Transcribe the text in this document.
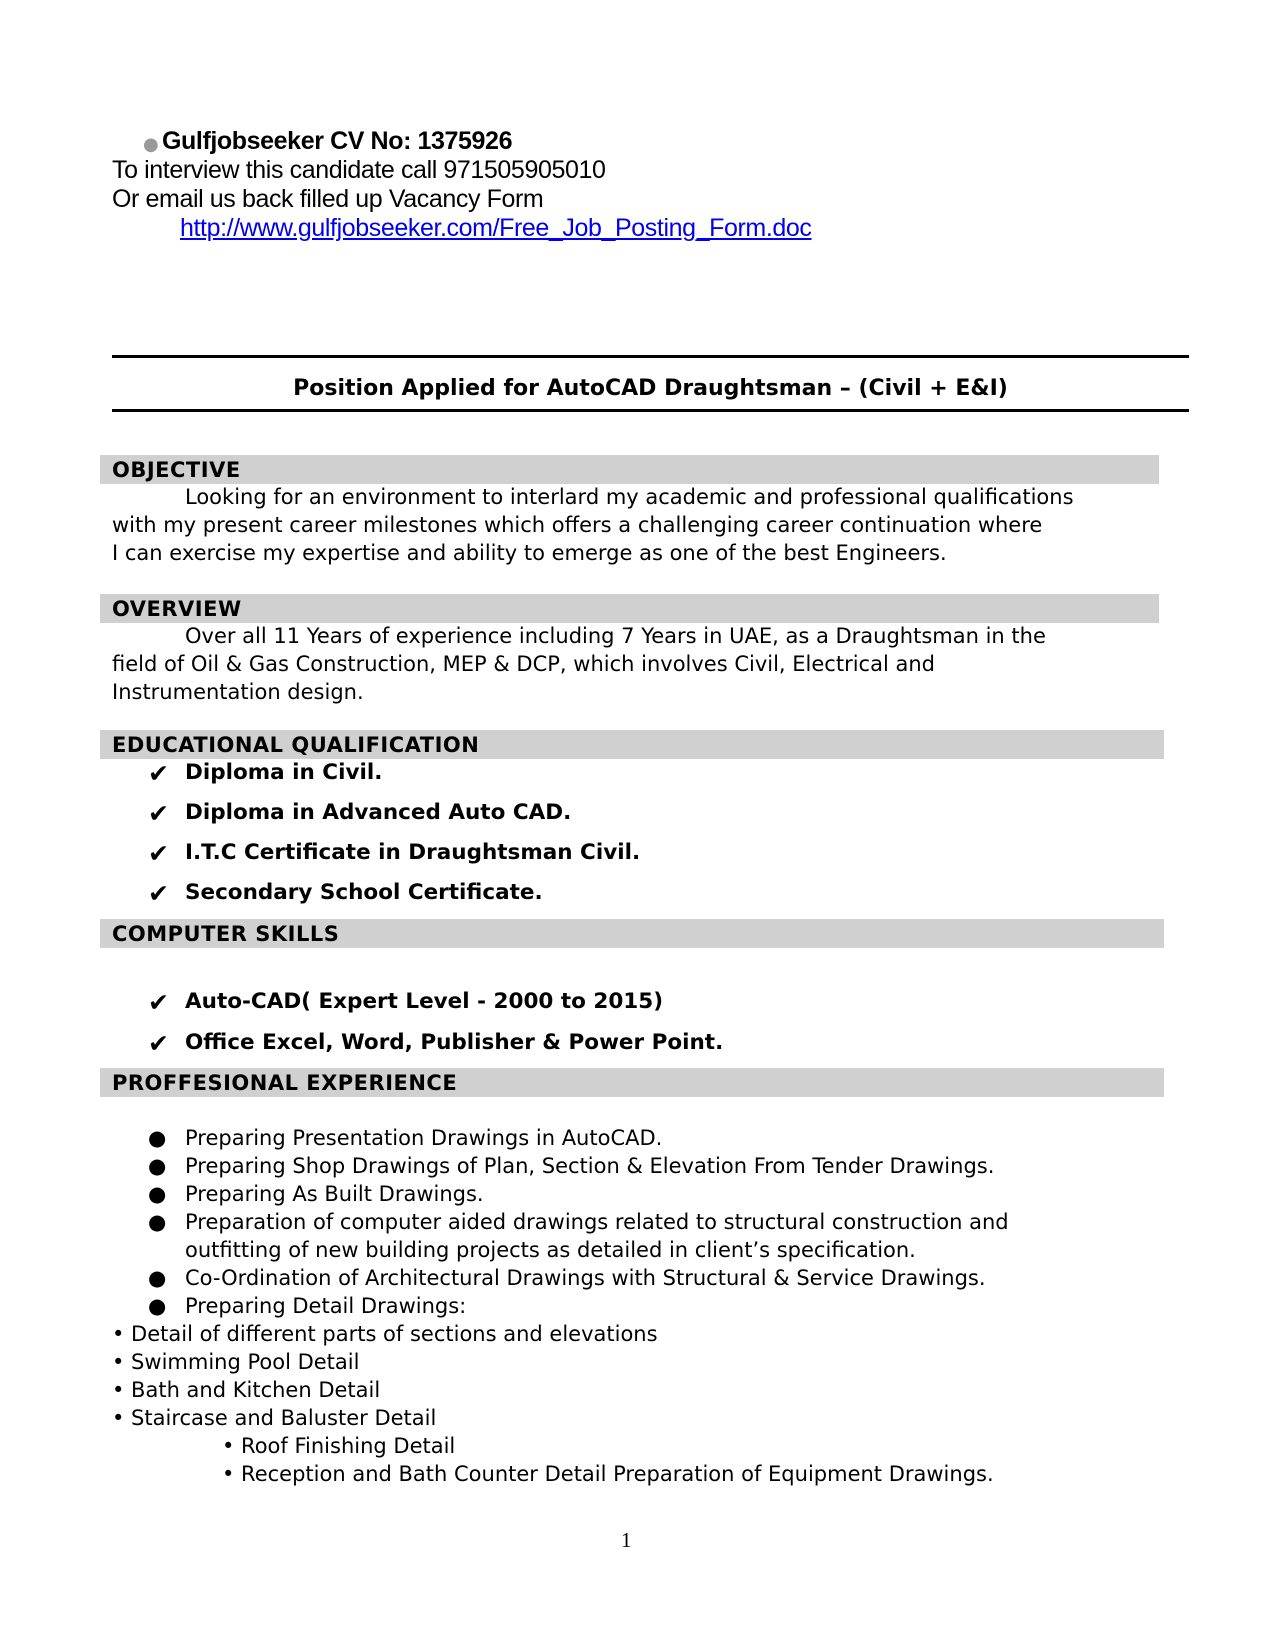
● Gulfjobseeker CV No: 1375926
To interview this candidate call 971505905010
Or email us back filled up Vacancy Form
http://www.gulfjobseeker.com/Free_Job_Posting_Form.doc
Position Applied for AutoCAD Draughtsman – (Civil + E&I)
OBJECTIVE
Looking for an environment to interlard my academic and professional qualifications
with my present career milestones which offers a challenging career continuation where
I can exercise my expertise and ability to emerge as one of the best Engineers.
OVERVIEW
Over all 11 Years of experience including 7 Years in UAE, as a Draughtsman in the
field of Oil & Gas Construction, MEP & DCP, which involves Civil, Electrical and
Instrumentation design.
EDUCATIONAL QUALIFICATION
✔ Diploma in Civil.
✔ Diploma in Advanced Auto CAD.
✔ I.T.C Certificate in Draughtsman Civil.
✔ Secondary School Certificate.
COMPUTER SKILLS
✔ Auto-CAD( Expert Level - 2000 to 2015)
✔ Office Excel, Word, Publisher & Power Point.
PROFFESIONAL EXPERIENCE
● Preparing Presentation Drawings in AutoCAD.
● Preparing Shop Drawings of Plan, Section & Elevation From Tender Drawings.
● Preparing As Built Drawings.
● Preparation of computer aided drawings related to structural construction and
outfitting of new building projects as detailed in client’s specification.
● Co-Ordination of Architectural Drawings with Structural & Service Drawings.
● Preparing Detail Drawings:
• Detail of different parts of sections and elevations
• Swimming Pool Detail
• Bath and Kitchen Detail
• Staircase and Baluster Detail
• Roof Finishing Detail
• Reception and Bath Counter Detail Preparation of Equipment Drawings.
1
